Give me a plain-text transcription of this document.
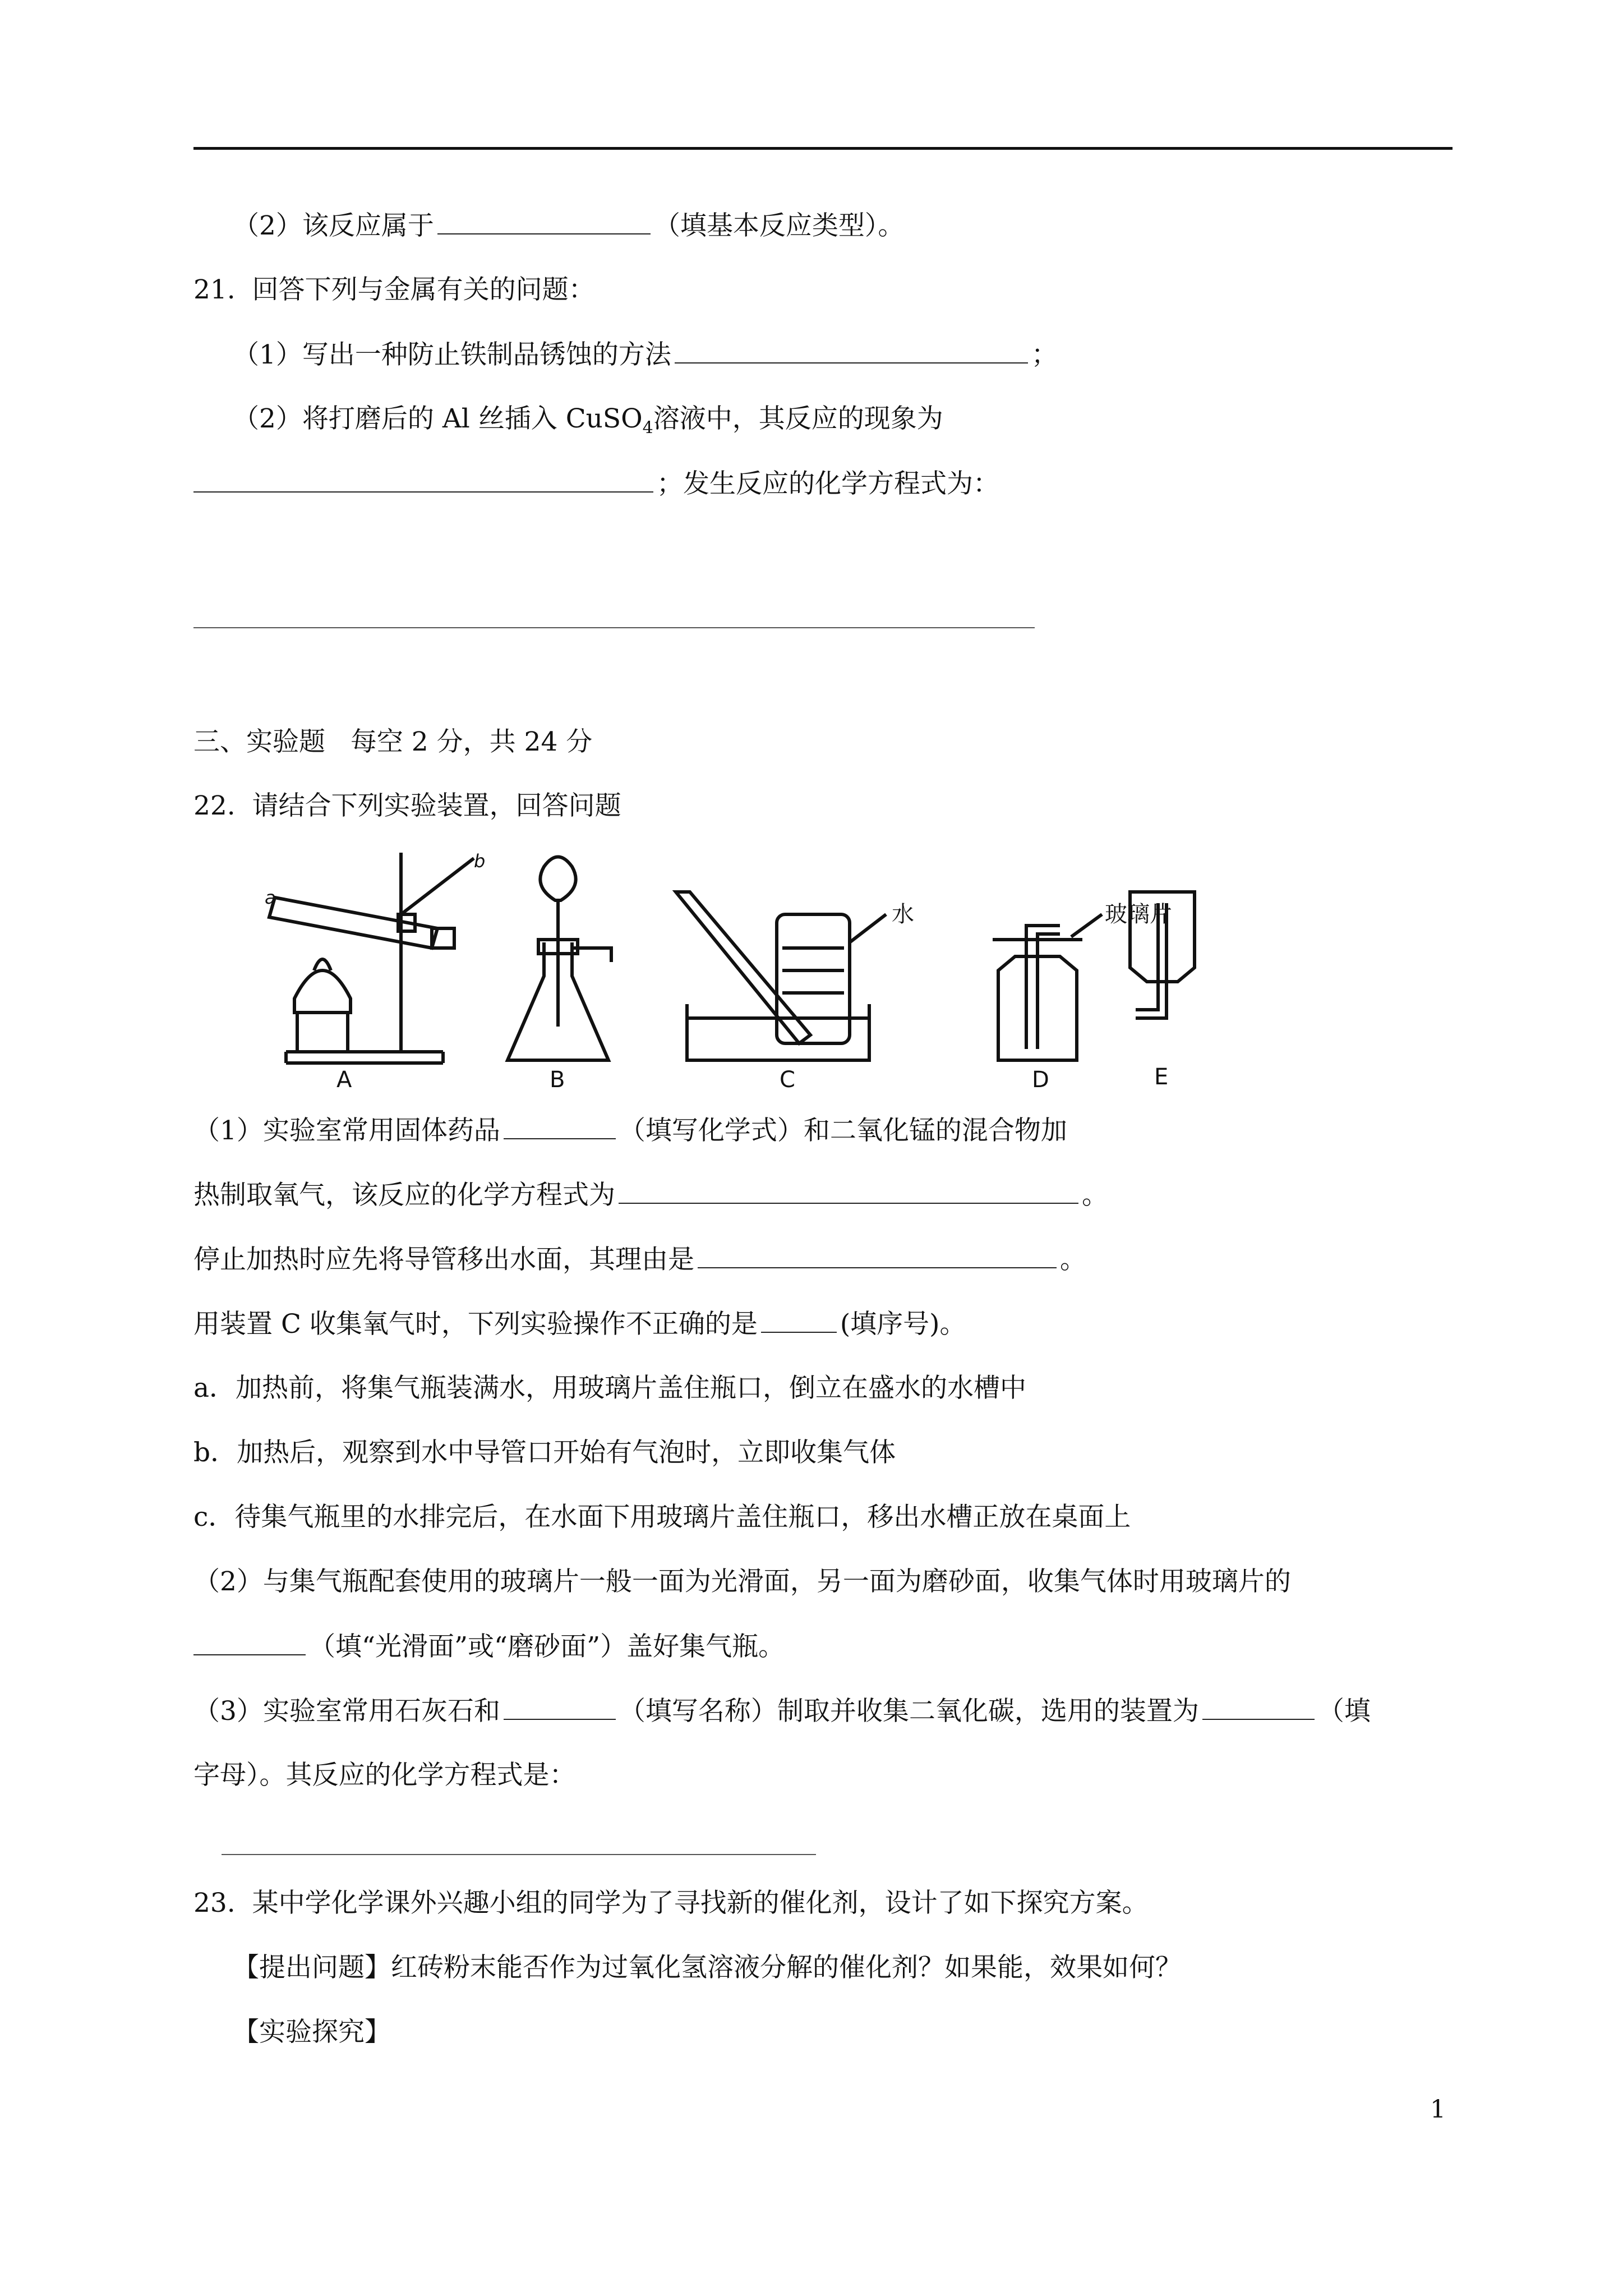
（2）该反应属于	（填基本反应类型）。
21.  回答下列与金属有关的问题：
（1）写出一种防止铁制品锈蚀的方法	；
（2）将打磨后的 Al 丝插入 CuSO$_4$溶液中，其反应的现象为
；发生反应的化学方程式为：
三、实验题   每空 2 分，共 24 分
22.  请结合下列实验装置，回答问题
a
b
水	玻璃片
A	B	C	D	E
（1）实验室常用固体药品	（填写化学式）和二氧化锰的混合物加
热制取氧气，该反应的化学方程式为	。
停止加热时应先将导管移出水面，其理由是	。
用装置 C 收集氧气时，下列实验操作不正确的是	(填序号)。
a．加热前，将集气瓶装满水，用玻璃片盖住瓶口，倒立在盛水的水槽中
b．加热后，观察到水中导管口开始有气泡时，立即收集气体
c．待集气瓶里的水排完后，在水面下用玻璃片盖住瓶口，移出水槽正放在桌面上
（2）与集气瓶配套使用的玻璃片一般一面为光滑面，另一面为磨砂面，收集气体时用玻璃片的
（填“光滑面”或“磨砂面”）盖好集气瓶。
（3）实验室常用石灰石和	（填写名称）制取并收集二氧化碳，选用的装置为	（填
字母）。其反应的化学方程式是：
23.  某中学化学课外兴趣小组的同学为了寻找新的催化剂，设计了如下探究方案。
【提出问题】红砖粉末能否作为过氧化氢溶液分解的催化剂？如果能，效果如何？
【实验探究】
1
